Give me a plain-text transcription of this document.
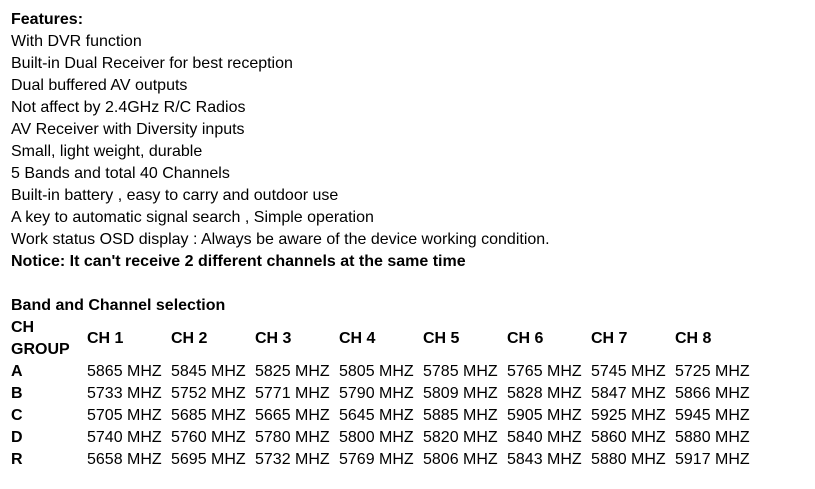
Features:
With DVR function
Built-in Dual Receiver for best reception
Dual buffered AV outputs
Not affect by 2.4GHz R/C Radios
AV Receiver with Diversity inputs
Small, light weight, durable
5 Bands and total 40 Channels
Built-in battery , easy to carry and outdoor use
A key to automatic signal search , Simple operation
Work status OSD display : Always be aware of the device working condition.
Notice: It can't receive 2 different channels at the same time
Band and Channel selection
CH
GROUP	CH 1	CH 2	CH 3	CH 4	CH 5	CH 6	CH 7	CH 8
A	5865 MHZ	5845 MHZ	5825 MHZ	5805 MHZ	5785 MHZ	5765 MHZ	5745 MHZ	5725 MHZ
B	5733 MHZ	5752 MHZ	5771 MHZ	5790 MHZ	5809 MHZ	5828 MHZ	5847 MHZ	5866 MHZ
C	5705 MHZ	5685 MHZ	5665 MHZ	5645 MHZ	5885 MHZ	5905 MHZ	5925 MHZ	5945 MHZ
D	5740 MHZ	5760 MHZ	5780 MHZ	5800 MHZ	5820 MHZ	5840 MHZ	5860 MHZ	5880 MHZ
R	5658 MHZ	5695 MHZ	5732 MHZ	5769 MHZ	5806 MHZ	5843 MHZ	5880 MHZ	5917 MHZ
